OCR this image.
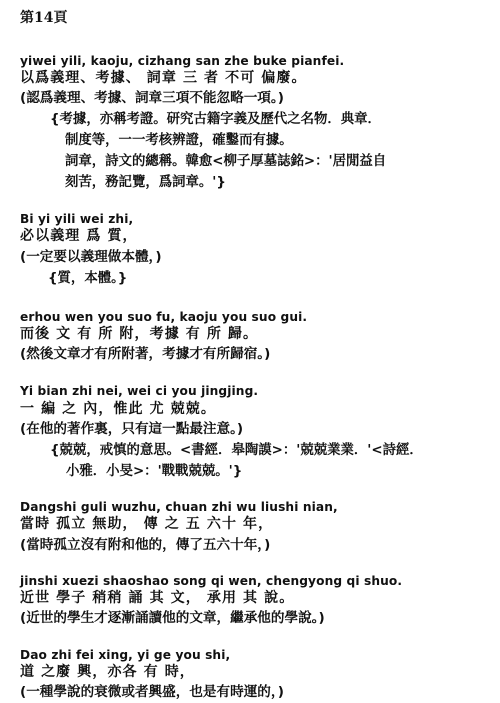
第14頁
yiwei yili, kaoju, cizhang san zhe buke pianfei.
以爲義理、考據、 詞章 三 者 不可 偏廢。
(認爲義理、考據、詞章三項不能忽略一項。)
{考據，亦稱考證。研究古籍字義及歷代之名物．典章．
制度等，一一考核辨證，確鑿而有據。
詞章，詩文的總稱。韓愈<柳子厚墓誌銘>：'居閒益自
刻苦，務記覽，爲詞章。'}
Bi yi yili wei zhi,
必以義理 爲 質，
(一定要以義理做本體，)
{質，本體。}
erhou wen you suo fu, kaoju you suo gui.
而後 文 有 所 附，考據 有 所 歸。
(然後文章才有所附著，考據才有所歸宿。)
Yi bian zhi nei, wei ci you jingjing.
一 編 之 內，惟此 尤 兢兢。
(在他的著作裏，只有這一點最注意。)
{兢兢，戒慎的意思。<書經．皋陶謨>：'兢兢業業．'<詩經．
小雅．小旻>：'戰戰兢兢。'}
Dangshi guli wuzhu, chuan zhi wu liushi nian,
當時 孤立 無助， 傳 之 五 六十 年，
(當時孤立沒有附和他的，傳了五六十年，)
jinshi xuezi shaoshao song qi wen, chengyong qi shuo.
近世 學子 稍稍 誦 其 文， 承用 其 說。
(近世的學生才逐漸誦讀他的文章，繼承他的學說。)
Dao zhi fei xing, yi ge you shi,
道 之廢 興，亦各 有 時，
(一種學說的衰微或者興盛，也是有時運的，)
